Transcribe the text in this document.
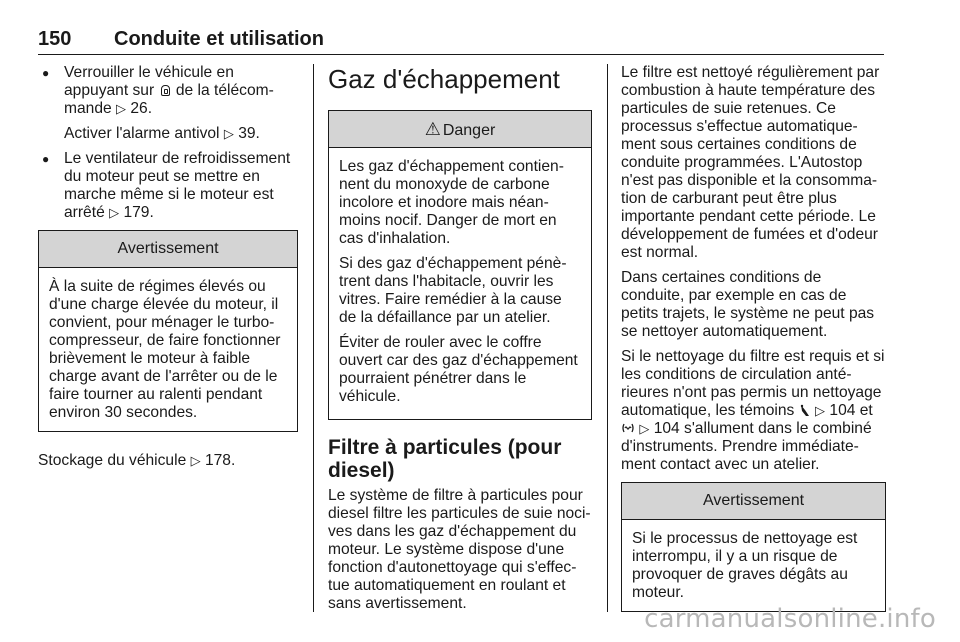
150 Conduite et utilisation
● Verrouiller le véhicule en appuyant sur de la télécom-mande ▷ 26.

Activer l'alarme antivol ▷ 39.

● Le ventilateur de refroidissement du moteur peut se mettre en marche même si le moteur est arrêté ▷ 179.
Avertissement
À la suite de régimes élevés ou d'une charge élevée du moteur, il convient, pour ménager le turbo-compresseur, de faire fonctionner brièvement le moteur à faible charge avant de l'arrêter ou de le faire tourner au ralenti pendant environ 30 secondes.

Stockage du véhicule ▷ 178.

Gaz d'échappement
⚠ Danger

Les gaz d'échappement contien-nent du monoxyde de carbone incolore et inodore mais néan-moins nocif. Danger de mort en cas d'inhalation.

Si des gaz d'échappement pénè-trent dans l'habitacle, ouvrir les vitres. Faire remédier à la cause de la défaillance par un atelier.

Éviter de rouler avec le coffre ouvert car des gaz d'échappement pourraient pénétrer dans le véhicule.

Filtre à particules (pour diesel)

Le système de filtre à particules pour diesel filtre les particules de suie noci-ves dans les gaz d'échappement du moteur. Le système dispose d'une fonction d'autonettoyage qui s'effec-tue automatiquement en roulant et sans avertissement.

Le filtre est nettoyé régulièrement par combustion à haute température des particules de suie retenues. Ce processus s'effectue automatique-ment sous certaines conditions de conduite programmées. L'Autostop n'est pas disponible et la consomma-tion de carburant peut être plus importante pendant cette période. Le développement de fumées et d'odeur est normal.

Dans certaines conditions de conduite, par exemple en cas de petits trajets, le système ne peut pas se nettoyer automatiquement.

Si le nettoyage du filtre est requis et si les conditions de circulation anté-rieures n'ont pas permis un nettoyage automatique, les témoins ▷ 104 et  ▷ 104 s'allument dans le combiné d'instruments. Prendre immédiate-ment contact avec un atelier.

Avertissement
Si le processus de nettoyage est interrompu, il y a un risque de provoquer de graves dégâts au moteur.
carmanualsonline.info
